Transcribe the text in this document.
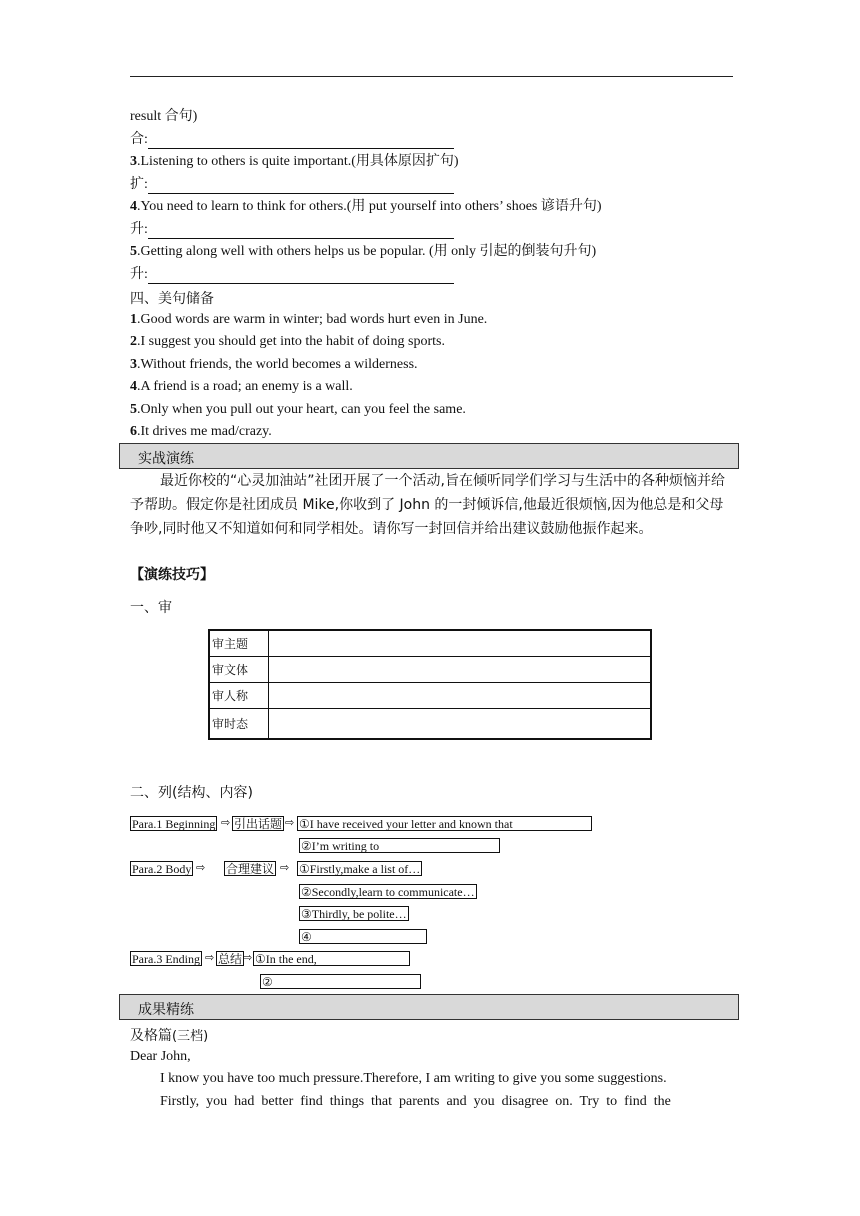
result 合句)
合:
3.Listening to others is quite important.(用具体原因扩句)
扩:
4.You need to learn to think for others.(用 put yourself into others’ shoes 谚语升句)
升:
5.Getting along well with others helps us be popular. (用 only 引起的倒装句升句)
升:
四、美句储备
1.Good words are warm in winter; bad words hurt even in June.
2.I suggest you should get into the habit of doing sports.
3.Without friends, the world becomes a wilderness.
4.A friend is a road; an enemy is a wall.
5.Only when you pull out your heart, can you feel the same.
6.It drives me mad/crazy.
实战演练
最近你校的“心灵加油站”社团开展了一个活动,旨在倾听同学们学习与生活中的各种烦恼并给予帮助。假定你是社团成员 Mike,你收到了 John 的一封倾诉信,他最近很烦恼,因为他总是和父母争吵,同时他又不知道如何和同学相处。请你写一封回信并给出建议鼓励他振作起来。
【演练技巧】
一、审
审主题	
审文体	
审人称	
审时态	
二、列(结构、内容)
Para.1 Beginning ⇨ 引出话题 ⇨ ①I have received your letter and known that
②I’m writing to
Para.2 Body ⇨ 合理建议 ⇨ ①Firstly,make a list of…
②Secondly,learn to communicate…
③Thirdly, be polite…
④
Para.3 Ending ⇨ 总结 ⇨ ①In the end,
②
成果精练
及格篇(三档)
Dear John,
I know you have too much pressure.Therefore, I am writing to give you some suggestions.
Firstly,  you  had  better  find  things  that  parents  and  you  disagree  on.  Try  to  find  the
